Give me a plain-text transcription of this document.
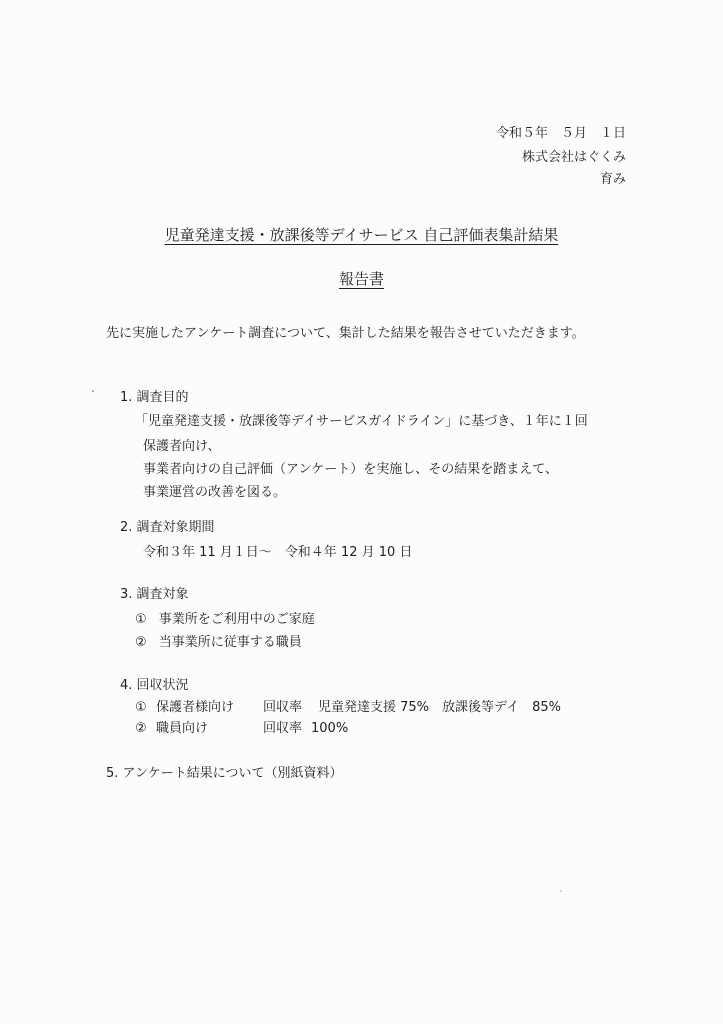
令和５年　５月　１日
株式会社はぐくみ
育み
児童発達支援・放課後等デイサービス 自己評価表集計結果
報告書
先に実施したアンケート調査について、集計した結果を報告させていただきます。
1. 調査目的
「児童発達支援・放課後等デイサービスガイドライン」に基づき、１年に１回
保護者向け、
事業者向けの自己評価（アンケート）を実施し、その結果を踏まえて、
事業運営の改善を図る。
2. 調査対象期間
令和３年 11 月１日～　令和４年 12 月 10 日
3. 調査対象
① 事業所をご利用中のご家庭
② 当事業所に従事する職員
4. 回収状況
① 保護者様向け 回収率 児童発達支援 75%　放課後等デイ　85%
② 職員向け	回収率 100%
5. アンケート結果について（別紙資料）
